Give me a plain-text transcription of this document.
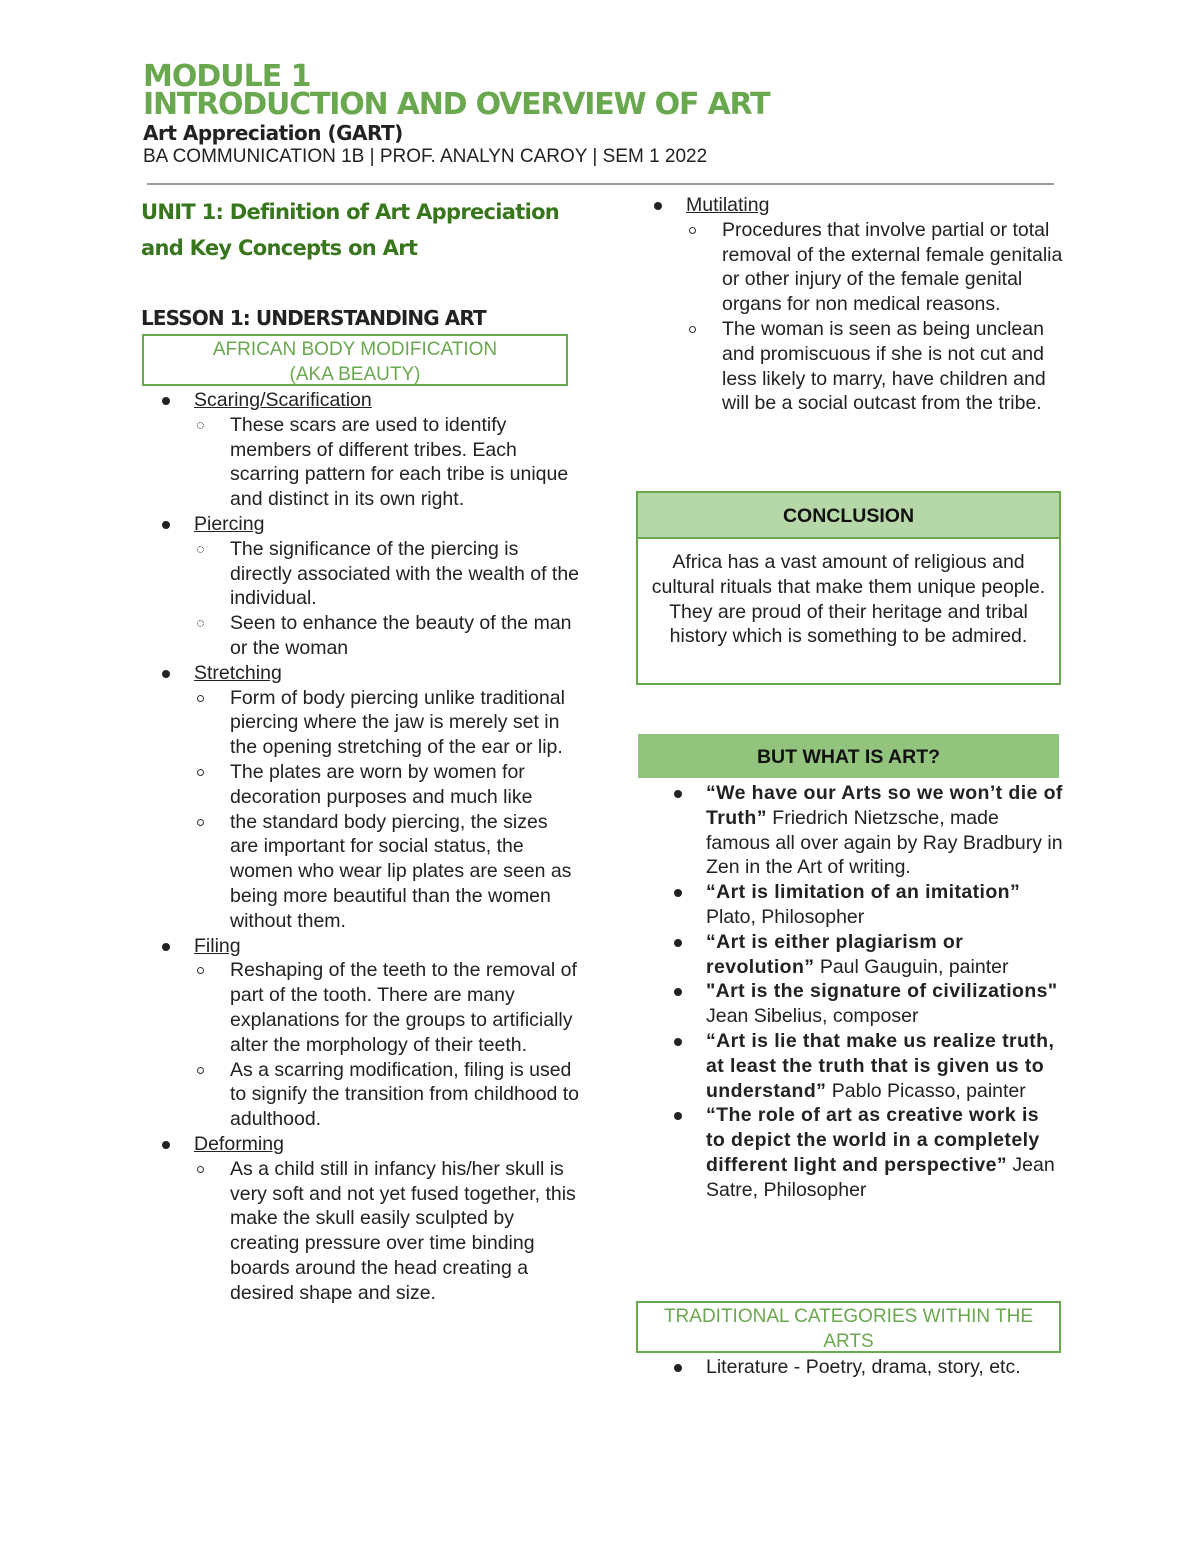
MODULE 1
INTRODUCTION AND OVERVIEW OF ART
Art Appreciation (GART)
BA COMMUNICATION 1B | PROF. ANALYN CAROY | SEM 1 2022
UNIT 1: Definition of Art Appreciation and Key Concepts on Art
LESSON 1: UNDERSTANDING ART
AFRICAN BODY MODIFICATION
(AKA BEAUTY)
Scaring/Scarification
These scars are used to identify members of different tribes. Each scarring pattern for each tribe is unique and distinct in its own right.
Piercing
The significance of the piercing is directly associated with the wealth of the individual.
Seen to enhance the beauty of the man or the woman
Stretching
Form of body piercing unlike traditional piercing where the jaw is merely set in the opening stretching of the ear or lip.
The plates are worn by women for decoration purposes and much like
the standard body piercing, the sizes are important for social status, the women who wear lip plates are seen as being more beautiful than the women without them.
Filing
Reshaping of the teeth to the removal of part of the tooth. There are many explanations for the groups to artificially alter the morphology of their teeth.
As a scarring modification, filing is used to signify the transition from childhood to adulthood.
Deforming
As a child still in infancy his/her skull is very soft and not yet fused together, this make the skull easily sculpted by creating pressure over time binding boards around the head creating a desired shape and size.
Mutilating
Procedures that involve partial or total removal of the external female genitalia or other injury of the female genital organs for non medical reasons.
The woman is seen as being unclean and promiscuous if she is not cut and less likely to marry, have children and will be a social outcast from the tribe.
CONCLUSION
Africa has a vast amount of religious and cultural rituals that make them unique people. They are proud of their heritage and tribal history which is something to be admired.
BUT WHAT IS ART?
“We have our Arts so we won’t die of Truth” Friedrich Nietzsche, made famous all over again by Ray Bradbury in Zen in the Art of writing.
“Art is limitation of an imitation” Plato, Philosopher
“Art is either plagiarism or revolution” Paul Gauguin, painter
"Art is the signature of civilizations" Jean Sibelius, composer
“Art is lie that make us realize truth, at least the truth that is given us to understand” Pablo Picasso, painter
“The role of art as creative work is to depict the world in a completely different light and perspective” Jean Satre, Philosopher
TRADITIONAL CATEGORIES WITHIN THE
ARTS
Literature - Poetry, drama, story, etc.
